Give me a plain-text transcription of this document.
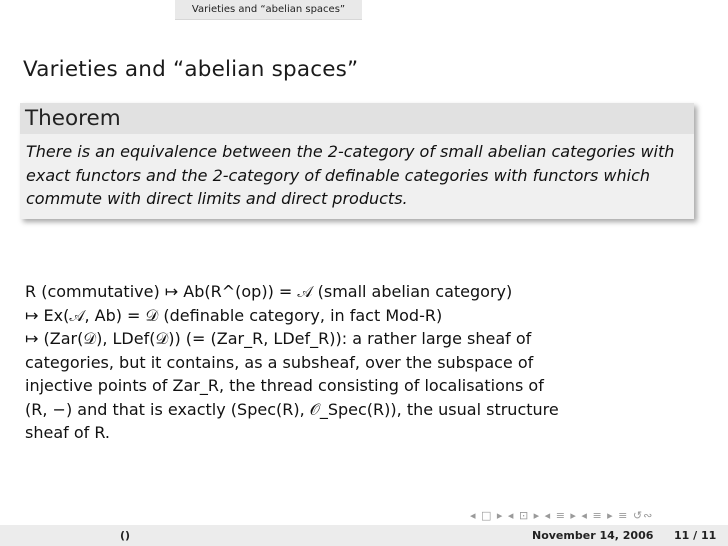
Varieties and “abelian spaces”
Varieties and “abelian spaces”
Theorem
There is an equivalence between the 2-category of small abelian categories with exact functors and the 2-category of definable categories with functors which commute with direct limits and direct products.
R (commutative) ↦ Ab(R^(op)) = 𝒜 (small abelian category)
↦ Ex(𝒜, Ab) = 𝒟 (definable category, in fact Mod-R)
↦ (Zar(𝒟), LDef(𝒟)) (= (Zar_R, LDef_R)): a rather large sheaf of
categories, but it contains, as a subsheaf, over the subspace of
injective points of Zar_R, the thread consisting of localisations of
(R, −) and that is exactly (Spec(R), 𝒪_Spec(R)), the usual structure
sheaf of R.
◂ □ ▸ ◂ ⊡ ▸ ◂ ≡ ▸ ◂ ≡ ▸ ≡ ↺∾
()	November 14, 2006 11 / 11
